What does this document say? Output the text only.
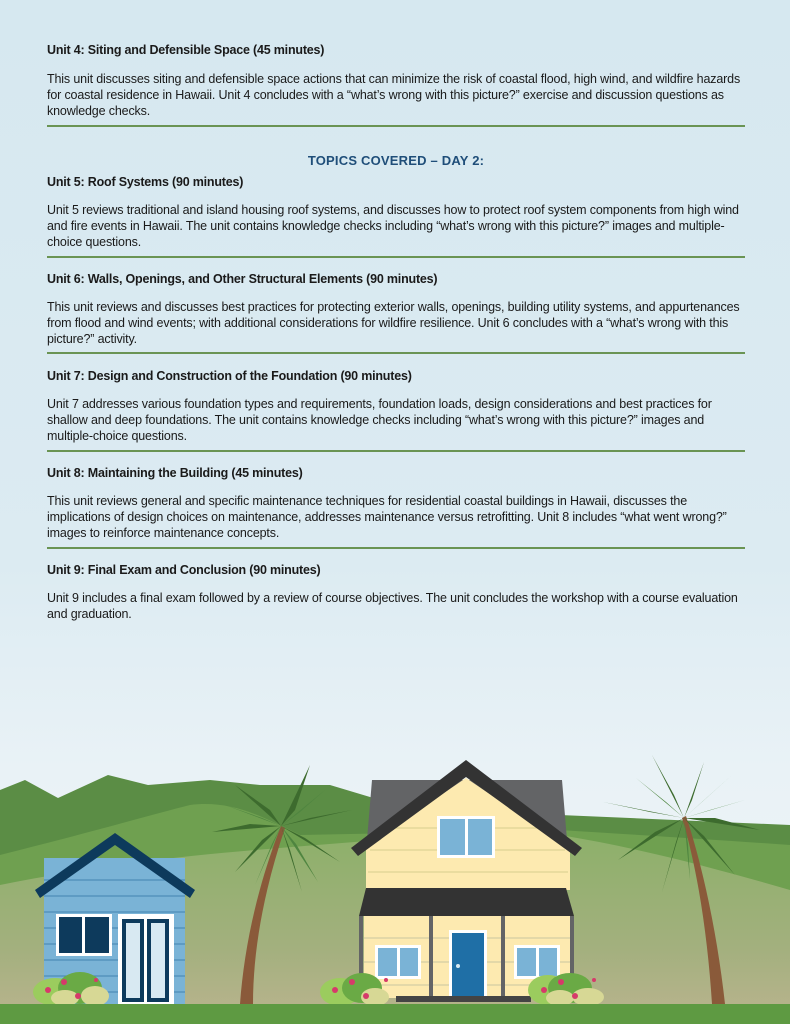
Unit 4: Siting and Defensible Space (45 minutes)

This unit discusses siting and defensible space actions that can minimize the risk of coastal flood, high wind, and wildfire hazards for coastal residence in Hawaii. Unit 4 concludes with a “what’s wrong with this picture?” exercise and discussion questions as knowledge checks.

TOPICS COVERED – DAY 2:
Unit 5: Roof Systems (90 minutes)

Unit 5 reviews traditional and island housing roof systems, and discusses how to protect roof system components from high wind and fire events in Hawaii. The unit contains knowledge checks including “what’s wrong with this picture?” images and multiple-choice questions.

Unit 6: Walls, Openings, and Other Structural Elements (90 minutes)

This unit reviews and discusses best practices for protecting exterior walls, openings, building utility systems, and appurtenances from flood and wind events; with additional considerations for wildfire resilience. Unit 6 concludes with a “what’s wrong with this picture?” activity.

Unit 7: Design and Construction of the Foundation (90 minutes)

Unit 7 addresses various foundation types and requirements, foundation loads, design considerations and best practices for shallow and deep foundations. The unit contains knowledge checks including “what’s wrong with this picture?” images and multiple-choice questions.

Unit 8: Maintaining the Building (45 minutes)

This unit reviews general and specific maintenance techniques for residential coastal buildings in Hawaii, discusses the implications of design choices on maintenance, addresses maintenance versus retrofitting. Unit 8 includes “what went wrong?” images to reinforce maintenance concepts.

Unit 9: Final Exam and Conclusion (90 minutes)

Unit 9 includes a final exam followed by a review of course objectives. The unit concludes the workshop with a course evaluation and graduation.
